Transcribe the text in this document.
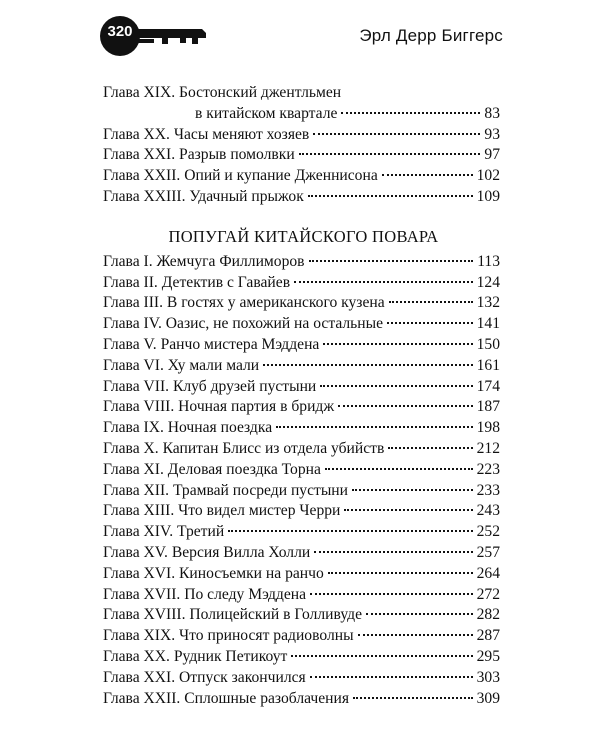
320	Эрл Дерр Биггерс
Глава XIX. Бостонский джентльмен
в китайском квартале	83
Глава XX. Часы меняют хозяев	93
Глава XXI. Разрыв помолвки	97
Глава XXII. Опий и купание Дженнисона	102
Глава XXIII. Удачный прыжок	109
ПОПУГАЙ КИТАЙСКОГО ПОВАРА
Глава I. Жемчуга Филлиморов	113
Глава II. Детектив с Гавайев	124
Глава III. В гостях у американского кузена	132
Глава IV. Оазис, не похожий на остальные	141
Глава V. Ранчо мистера Мэддена	150
Глава VI. Ху мали мали	161
Глава VII. Клуб друзей пустыни	174
Глава VIII. Ночная партия в бридж	187
Глава IX. Ночная поездка	198
Глава X. Капитан Блисс из отдела убийств	212
Глава XI. Деловая поездка Торна	223
Глава XII. Трамвай посреди пустыни	233
Глава XIII. Что видел мистер Черри	243
Глава XIV. Третий	252
Глава XV. Версия Вилла Холли	257
Глава XVI. Киносъемки на ранчо	264
Глава XVII. По следу Мэддена	272
Глава XVIII. Полицейский в Голливуде	282
Глава XIX. Что приносят радиоволны	287
Глава XX. Рудник Петикоут	295
Глава XXI. Отпуск закончился	303
Глава XXII. Сплошные разоблачения	309
